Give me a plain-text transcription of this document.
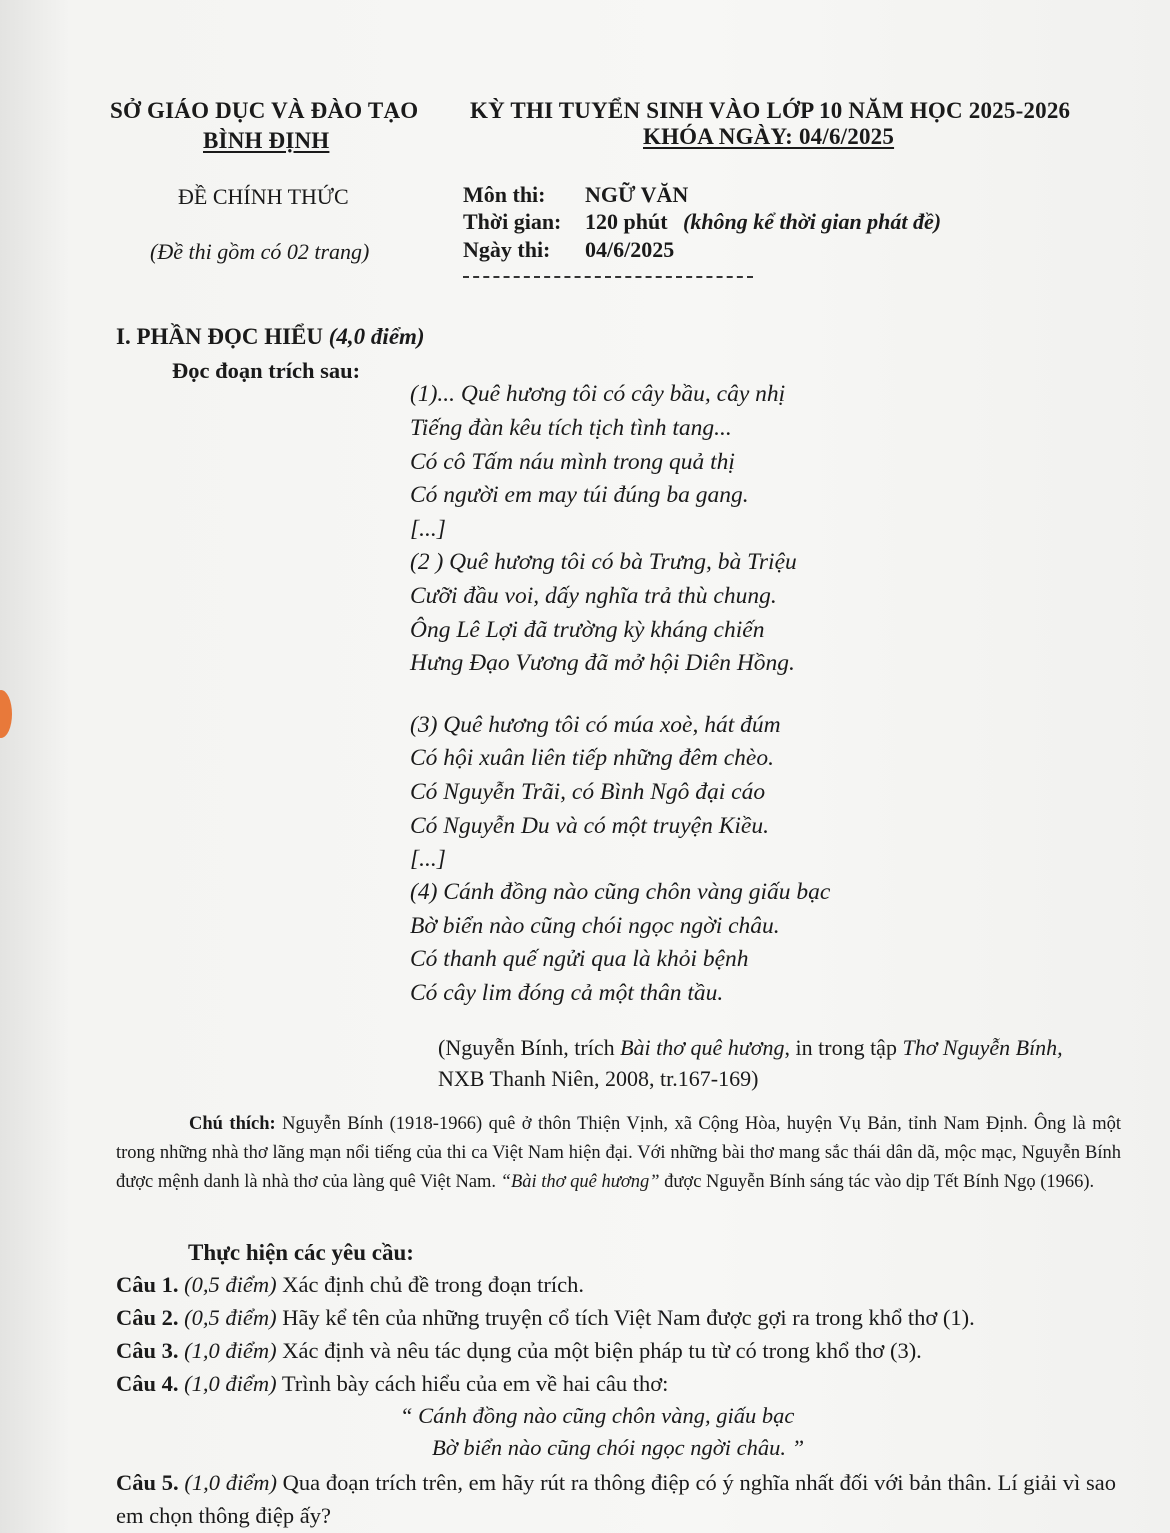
SỞ GIÁO DỤC VÀ ĐÀO TẠO
BÌNH ĐỊNH
KỲ THI TUYỂN SINH VÀO LỚP 10 NĂM HỌC 2025-2026
KHÓA NGÀY: 04/6/2025
ĐỀ CHÍNH THỨC
(Đề thi gồm có 02 trang)
Môn thi: NGỮ VĂN
Thời gian: 120 phút (không kể thời gian phát đề)
Ngày thi: 04/6/2025
I. PHẦN ĐỌC HIỂU (4,0 điểm)
Đọc đoạn trích sau:
(1)... Quê hương tôi có cây bầu, cây nhị
Tiếng đàn kêu tích tịch tình tang...
Có cô Tấm náu mình trong quả thị
Có người em may túi đúng ba gang.
[...]
(2 ) Quê hương tôi có bà Trưng, bà Triệu
Cưỡi đầu voi, dấy nghĩa trả thù chung.
Ông Lê Lợi đã trường kỳ kháng chiến
Hưng Đạo Vương đã mở hội Diên Hồng.
(3) Quê hương tôi có múa xoè, hát đúm
Có hội xuân liên tiếp những đêm chèo.
Có Nguyễn Trãi, có Bình Ngô đại cáo
Có Nguyễn Du và có một truyện Kiều.
[...]
(4) Cánh đồng nào cũng chôn vàng giấu bạc
Bờ biển nào cũng chói ngọc ngời châu.
Có thanh quế ngửi qua là khỏi bệnh
Có cây lim đóng cả một thân tầu.
(Nguyễn Bính, trích Bài thơ quê hương, in trong tập Thơ Nguyễn Bính,
NXB Thanh Niên, 2008, tr.167-169)
Chú thích: Nguyễn Bính (1918-1966) quê ở thôn Thiện Vịnh, xã Cộng Hòa, huyện Vụ Bản, tỉnh Nam Định. Ông là một trong những nhà thơ lãng mạn nổi tiếng của thi ca Việt Nam hiện đại. Với những bài thơ mang sắc thái dân dã, mộc mạc, Nguyễn Bính được mệnh danh là nhà thơ của làng quê Việt Nam. “Bài thơ quê hương” được Nguyễn Bính sáng tác vào dịp Tết Bính Ngọ (1966).
Thực hiện các yêu cầu:
Câu 1. (0,5 điểm) Xác định chủ đề trong đoạn trích.
Câu 2. (0,5 điểm) Hãy kể tên của những truyện cổ tích Việt Nam được gợi ra trong khổ thơ (1).
Câu 3. (1,0 điểm) Xác định và nêu tác dụng của một biện pháp tu từ có trong khổ thơ (3).
Câu 4. (1,0 điểm) Trình bày cách hiểu của em về hai câu thơ:
“ Cánh đồng nào cũng chôn vàng, giấu bạc
Bờ biển nào cũng chói ngọc ngời châu. ”
Câu 5. (1,0 điểm) Qua đoạn trích trên, em hãy rút ra thông điệp có ý nghĩa nhất đối với bản thân. Lí giải vì sao em chọn thông điệp ấy?
